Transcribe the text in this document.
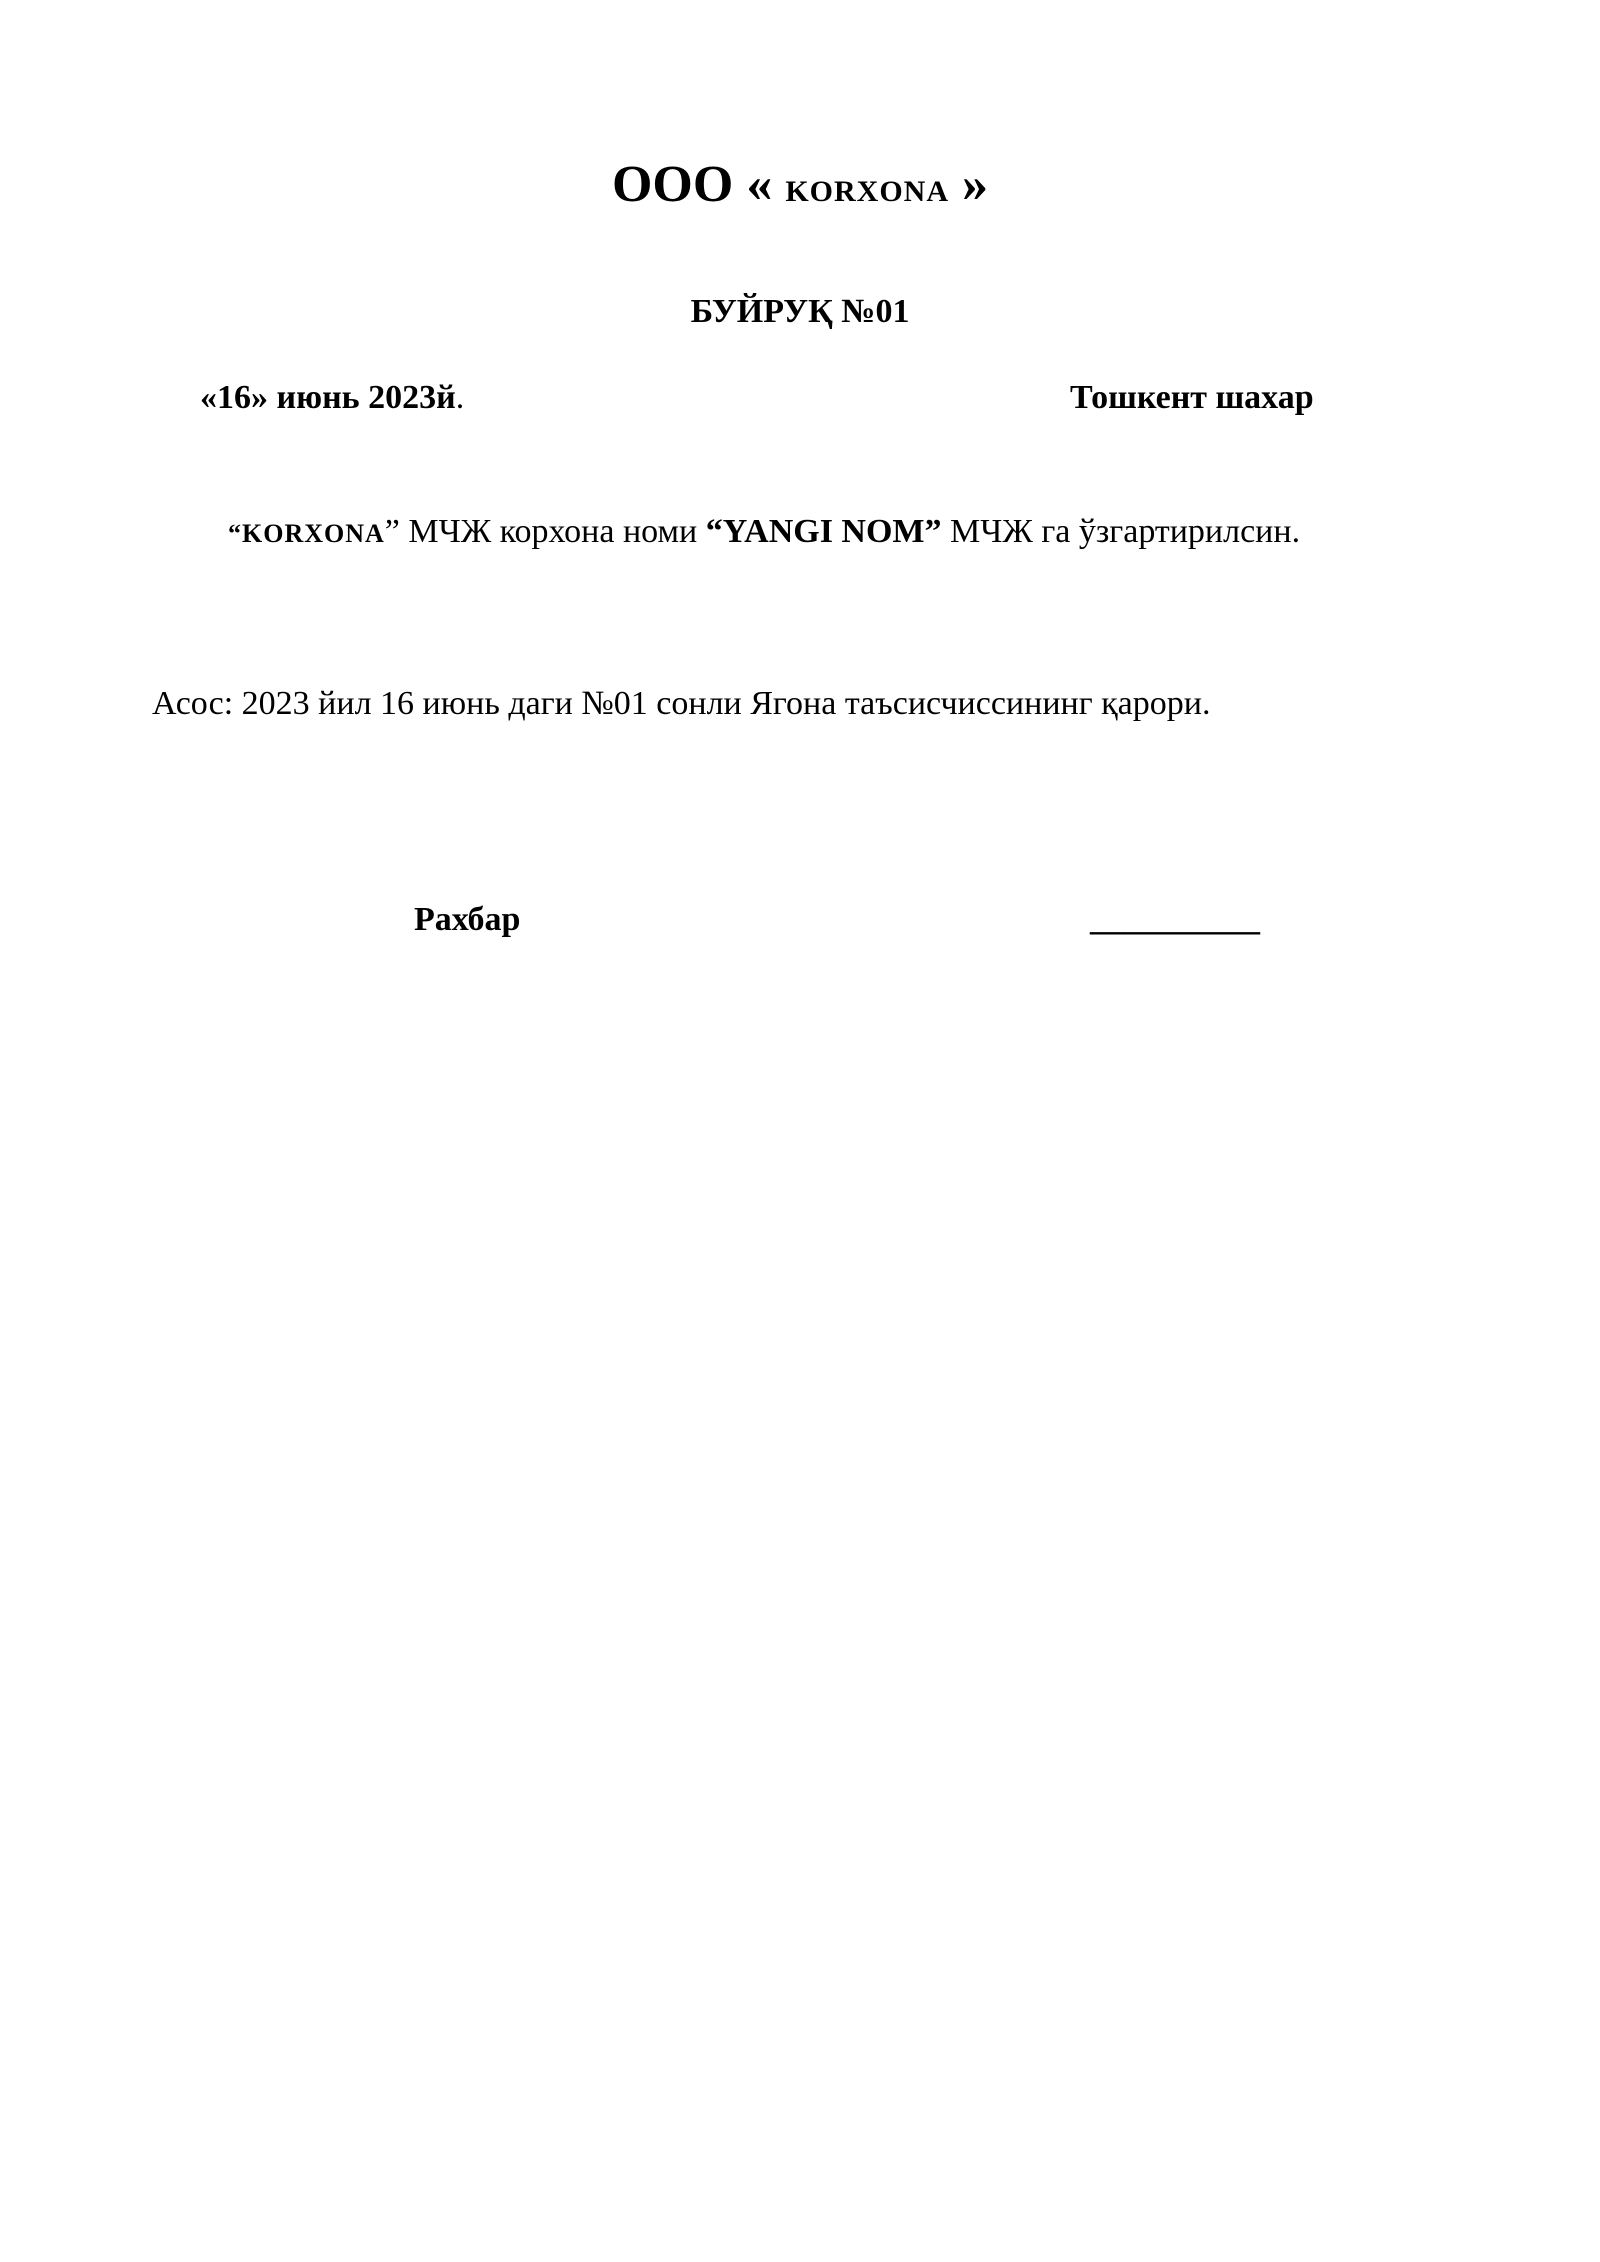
ООО « KORXONA »
БУЙРУҚ №01
«16» июнь 2023й.	Тошкент шахар
“KORXONA” МЧЖ корхона номи “YANGI NOM” МЧЖ га ўзгартирилсин.
Асос: 2023 йил 16 июнь даги №01 сонли Ягона таъсисчиссининг қарори.
Рахбар	__________
